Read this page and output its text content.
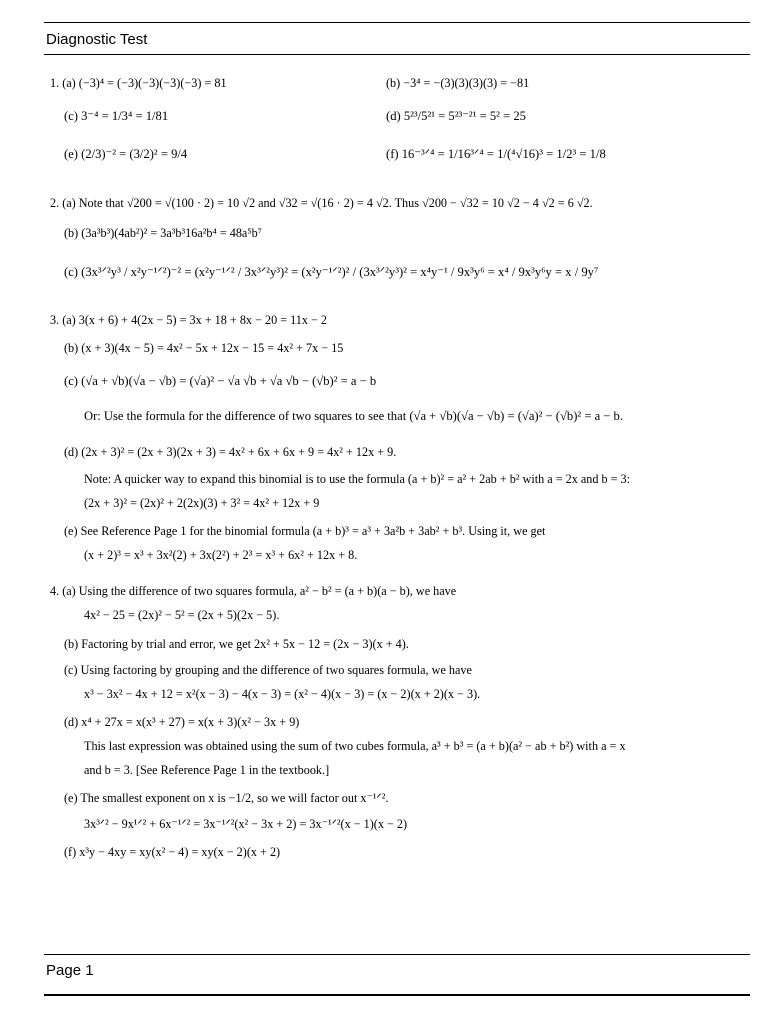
Diagnostic Test
1. (a) (−3)⁴ = (−3)(−3)(−3)(−3) = 81	(b) −3⁴ = −(3)(3)(3)(3) = −81
(c) 3⁻⁴ = 1/3⁴ = 1/81	(d) 5²³/5²¹ = 5²³⁻²¹ = 5² = 25
(e) (2/3)⁻² = (3/2)² = 9/4	(f) 16⁻³ᐟ⁴ = 1/16³ᐟ⁴ = 1/(⁴√16)³ = 1/2³ = 1/8
2. (a) Note that √200 = √(100 · 2) = 10 √2 and √32 = √(16 · 2) = 4 √2. Thus √200 − √32 = 10 √2 − 4 √2 = 6 √2.
(b) (3a³b³)(4ab²)² = 3a³b³16a²b⁴ = 48a⁵b⁷
(c) (3x³ᐟ²y³ / x²y⁻¹ᐟ²)⁻² = (x²y⁻¹ᐟ² / 3x³ᐟ²y³)² = (x²y⁻¹ᐟ²)² / (3x³ᐟ²y³)² = x⁴y⁻¹ / 9x³y⁶ = x⁴ / 9x³y⁶y = x / 9y⁷
3. (a) 3(x + 6) + 4(2x − 5) = 3x + 18 + 8x − 20 = 11x − 2
(b) (x + 3)(4x − 5) = 4x² − 5x + 12x − 15 = 4x² + 7x − 15
(c) (√a + √b)(√a − √b) = (√a)² − √a √b + √a √b − (√b)² = a − b
Or: Use the formula for the difference of two squares to see that (√a + √b)(√a − √b) = (√a)² − (√b)² = a − b.
(d) (2x + 3)² = (2x + 3)(2x + 3) = 4x² + 6x + 6x + 9 = 4x² + 12x + 9.
Note: A quicker way to expand this binomial is to use the formula (a + b)² = a² + 2ab + b² with a = 2x and b = 3:
(2x + 3)² = (2x)² + 2(2x)(3) + 3² = 4x² + 12x + 9
(e) See Reference Page 1 for the binomial formula (a + b)³ = a³ + 3a²b + 3ab² + b³. Using it, we get
(x + 2)³ = x³ + 3x²(2) + 3x(2²) + 2³ = x³ + 6x² + 12x + 8.
4. (a) Using the difference of two squares formula, a² − b² = (a + b)(a − b), we have
4x² − 25 = (2x)² − 5² = (2x + 5)(2x − 5).
(b) Factoring by trial and error, we get 2x² + 5x − 12 = (2x − 3)(x + 4).
(c) Using factoring by grouping and the difference of two squares formula, we have
x³ − 3x² − 4x + 12 = x²(x − 3) − 4(x − 3) = (x² − 4)(x − 3) = (x − 2)(x + 2)(x − 3).
(d) x⁴ + 27x = x(x³ + 27) = x(x + 3)(x² − 3x + 9)
This last expression was obtained using the sum of two cubes formula, a³ + b³ = (a + b)(a² − ab + b²) with a = x
and b = 3. [See Reference Page 1 in the textbook.]
(e) The smallest exponent on x is −1/2, so we will factor out x⁻¹ᐟ².
3x³ᐟ² − 9x¹ᐟ² + 6x⁻¹ᐟ² = 3x⁻¹ᐟ²(x² − 3x + 2) = 3x⁻¹ᐟ²(x − 1)(x − 2)
(f) x³y − 4xy = xy(x² − 4) = xy(x − 2)(x + 2)
Page 1
